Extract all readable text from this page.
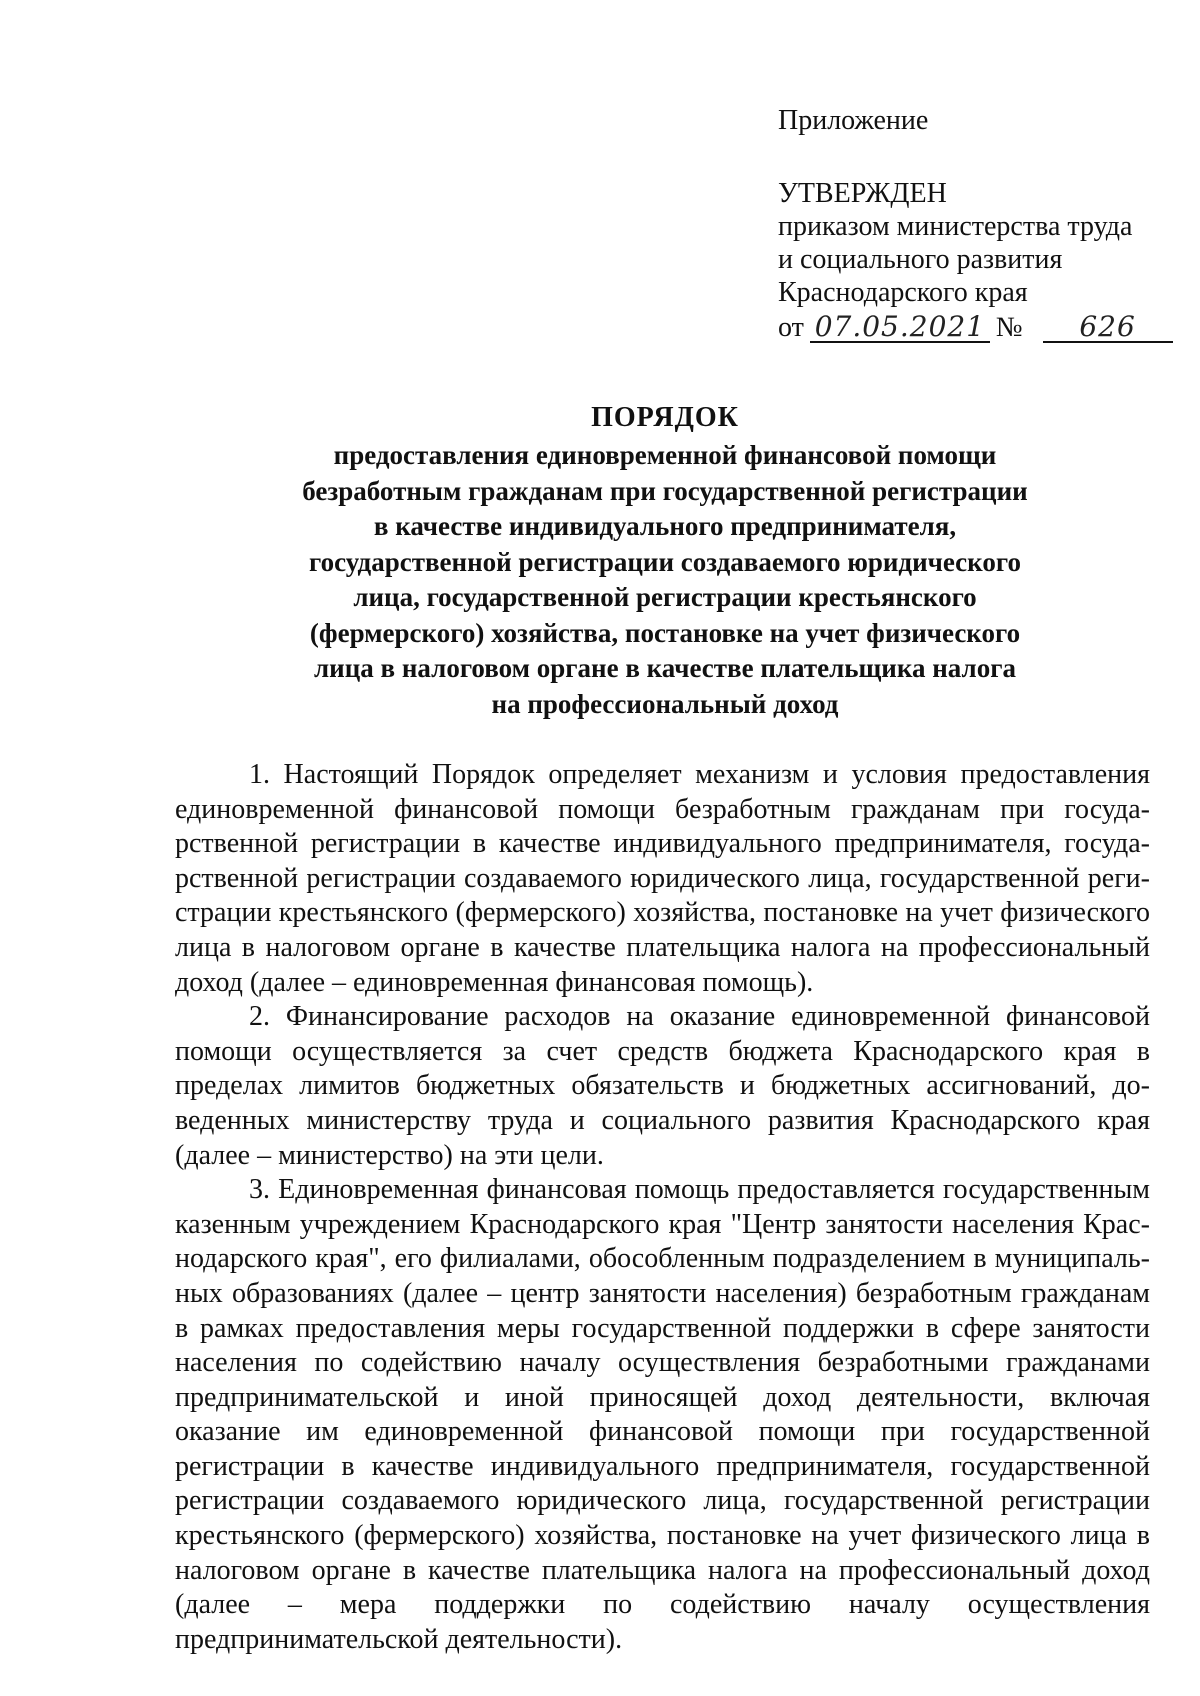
Приложение
УТВЕРЖДЕН
приказом министерства труда
и социального развития
Краснодарского края
от 07.05.2021 № 626
ПОРЯДОК
предоставления единовременной финансовой помощи
безработным гражданам при государственной регистрации
в качестве индивидуального предпринимателя,
государственной регистрации создаваемого юридического
лица, государственной регистрации крестьянского
(фермерского) хозяйства, постановке на учет физического
лица в налоговом органе в качестве плательщика налога
на профессиональный доход

1. Настоящий Порядок определяет механизм и условия предоставления единовременной финансовой помощи безработным гражданам при государственной регистрации в качестве индивидуального предпринимателя, государственной регистрации создаваемого юридического лица, государственной регистрации крестьянского (фермерского) хозяйства, постановке на учет физического лица в налоговом органе в качестве плательщика налога на профессиональный доход (далее – единовременная финансовая помощь).

2. Финансирование расходов на оказание единовременной финансовой помощи осуществляется за счет средств бюджета Краснодарского края в пределах лимитов бюджетных обязательств и бюджетных ассигнований, доведенных министерству труда и социального развития Краснодарского края (далее – министерство) на эти цели.

3. Единовременная финансовая помощь предоставляется государственным казенным учреждением Краснодарского края "Центр занятости населения Краснодарского края", его филиалами, обособленным подразделением в муниципальных образованиях (далее – центр занятости населения) безработным гражданам в рамках предоставления меры государственной поддержки в сфере занятости населения по содействию началу осуществления безработными гражданами предпринимательской и иной приносящей доход деятельности, включая оказание им единовременной финансовой помощи при государственной регистрации в качестве индивидуального предпринимателя, государственной регистрации создаваемого юридического лица, государственной регистрации крестьянского (фермерского) хозяйства, постановке на учет физического лица в налоговом органе в качестве плательщика налога на профессиональный доход (далее – мера поддержки по содействию началу осуществления предпринимательской деятельности).
